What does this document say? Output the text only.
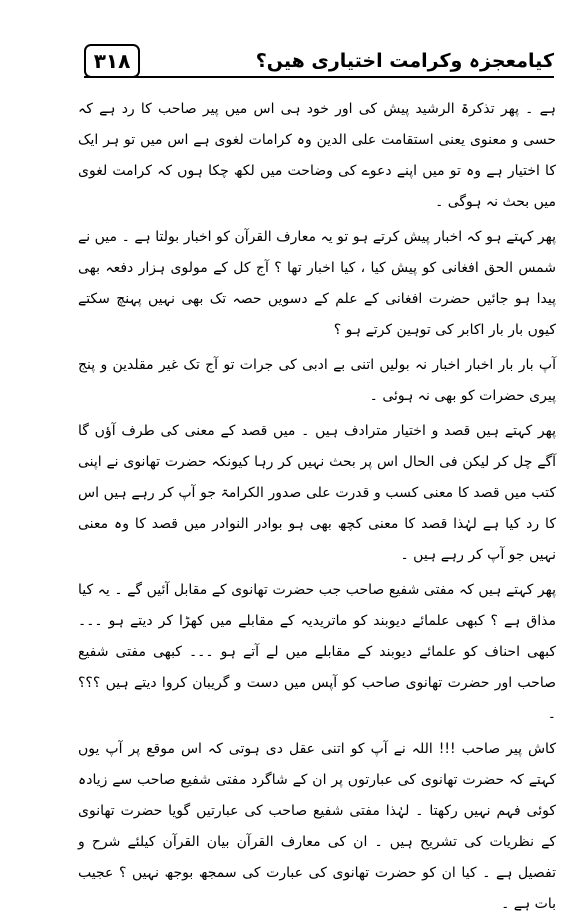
۳۱۸	کیامعجزہ وکرامت اختیاری ھیں؟

ہے ۔ پھر تذکرۃ الرشید پیش کی اور خود ہی اس میں پیر صاحب کا رد ہے کہ حسی و معنوی یعنی استقامت علی الدین وہ کرامات لغوی ہے اس میں تو ہر ایک کا اختیار ہے وہ تو میں اپنے دعوے کی وضاحت میں لکھ چکا ہوں کہ کرامت لغوی میں بحث نہ ہوگی ۔

پھر کہتے ہو کہ اخبار پیش کرتے ہو تو یہ معارف القرآن کو اخبار بولتا ہے ۔ میں نے شمس الحق افغانی کو پیش کیا ، کیا اخبار تھا ؟ آج کل کے مولوی ہزار دفعہ بھی پیدا ہو جائیں حضرت افغانی کے علم کے دسویں حصہ تک بھی نہیں پہنچ سکتے کیوں بار بار اکابر کی توہین کرتے ہو ؟

آپ بار بار اخبار اخبار نہ بولیں اتنی بے ادبی کی جرات تو آج تک غیر مقلدین و پنج پیری حضرات کو بھی نہ ہوئی ۔

پھر کہتے ہیں قصد و اختیار مترادف ہیں ۔ میں قصد کے معنی کی طرف آؤں گا آگے چل کر لیکن فی الحال اس پر بحث نہیں کر رہا کیونکہ حضرت تھانوی نے اپنی کتب میں قصد کا معنی کسب و قدرت علی صدور الکرامۃ جو آپ کر رہے ہیں اس کا رد کیا ہے لہٰذا قصد کا معنی کچھ بھی ہو بوادر النوادر میں قصد کا وہ معنی نہیں جو آپ کر رہے ہیں ۔

پھر کہتے ہیں کہ مفتی شفیع صاحب جب حضرت تھانوی کے مقابل آئیں گے ۔ یہ کیا مذاق ہے ؟ کبھی علمائے دیوبند کو ماتریدیہ کے مقابلے میں کھڑا کر دیتے ہو ۔۔۔ کبھی احناف کو علمائے دیوبند کے مقابلے میں لے آتے ہو ۔۔۔ کبھی مفتی شفیع صاحب اور حضرت تھانوی صاحب کو آپس میں دست و گریبان کروا دیتے ہیں ؟؟؟ ۔

کاش پیر صاحب !!! اللہ نے آپ کو اتنی عقل دی ہوتی کہ اس موقع پر آپ یوں کہتے کہ حضرت تھانوی کی عبارتوں پر ان کے شاگرد مفتی شفیع صاحب سے زیادہ کوئی فہم نہیں رکھتا ۔ لہٰذا مفتی شفیع صاحب کی عبارتیں گویا حضرت تھانوی کے نظریات کی تشریح ہیں ۔ ان کی معارف القرآن بیان القرآن کیلئے شرح و تفصیل ہے ۔ کیا ان کو حضرت تھانوی کی عبارت کی سمجھ بوجھ نہیں ؟ عجیب بات ہے ۔
